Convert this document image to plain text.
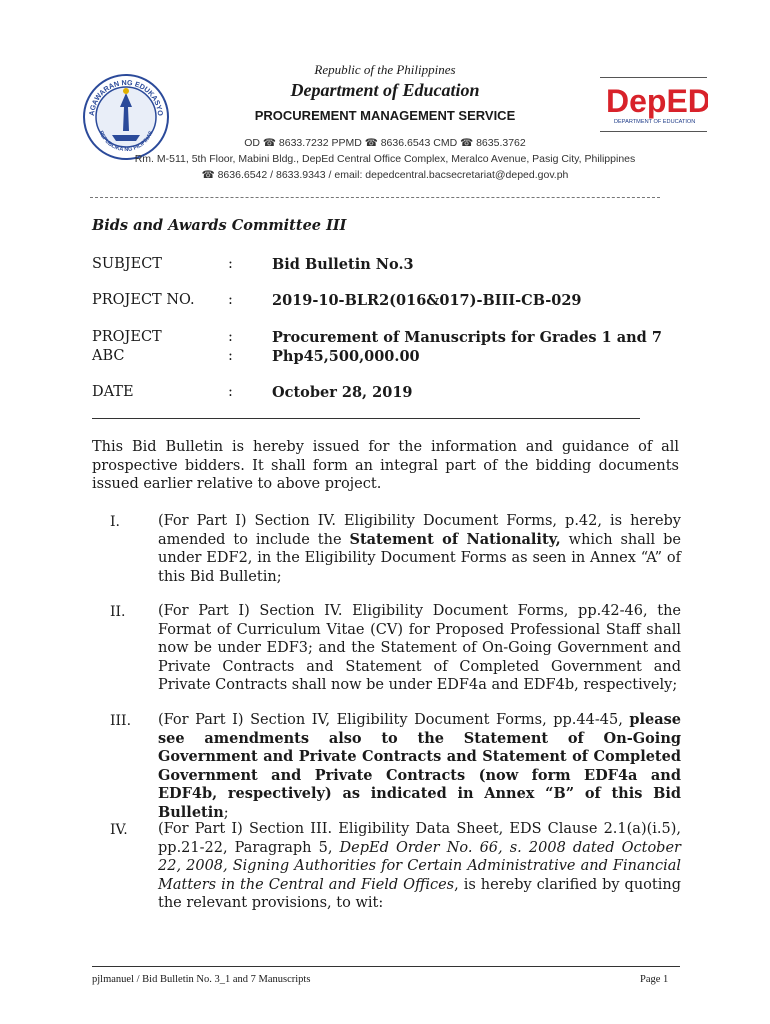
AGAWARAN NG EDUKASYO
REPUBLIKA NG PILIPINAS
Republic of the Philippines
Department of Education
PROCUREMENT MANAGEMENT SERVICE	DepED
DEPARTMENT OF EDUCATION
OD ☎ 8633.7232 PPMD ☎ 8636.6543 CMD ☎ 8635.3762
Rm. M-511, 5th Floor, Mabini Bldg., DepEd Central Office Complex, Meralco Avenue, Pasig City, Philippines
☎ 8636.6542 / 8633.9343 / email: depedcentral.bacsecretariat@deped.gov.ph
Bids and Awards Committee III
SUBJECT	:	Bid Bulletin No.3
PROJECT NO. :	2019-10-BLR2(016&017)-BIII-CB-029
PROJECT	:	Procurement of Manuscripts for Grades 1 and 7
ABC	:	Php45,500,000.00
DATE	:	October 28, 2019
This Bid Bulletin is hereby issued for the information and guidance of all prospective bidders. It shall form an integral part of the bidding documents issued earlier relative to above project.
I.	(For Part I) Section IV. Eligibility Document Forms, p.42, is hereby amended to include the Statement of Nationality, which shall be under EDF2, in the Eligibility Document Forms as seen in Annex “A” of this Bid Bulletin;
II. (For Part I) Section IV. Eligibility Document Forms, pp.42-46, the Format of Curriculum Vitae (CV) for Proposed Professional Staff shall now be under EDF3; and the Statement of On-Going Government and Private Contracts and Statement of Completed Government and Private Contracts shall now be under EDF4a and EDF4b, respectively;
III. (For Part I) Section IV, Eligibility Document Forms, pp.44-45, please see amendments also to the Statement of On-Going Government and Private Contracts and Statement of Completed Government and Private Contracts (now form EDF4a and EDF4b, respectively) as indicated in Annex “B” of this Bid Bulletin;
IV. (For Part I) Section III. Eligibility Data Sheet, EDS Clause 2.1(a)(i.5), pp.21-22, Paragraph 5, DepEd Order No. 66, s. 2008 dated October 22, 2008, Signing Authorities for Certain Administrative and Financial Matters in the Central and Field Offices, is hereby clarified by quoting the relevant provisions, to wit:
pjlmanuel / Bid Bulletin No. 3_1 and 7 Manuscripts	Page 1
